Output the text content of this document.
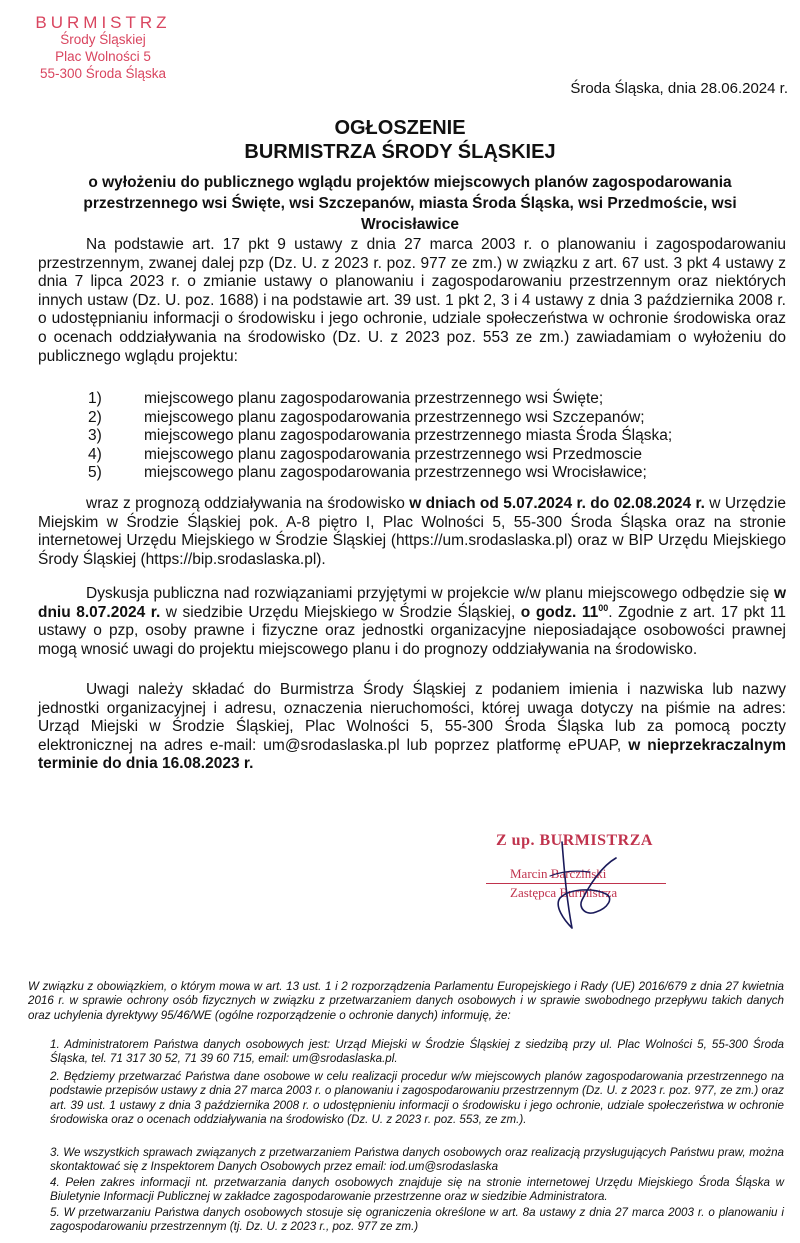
BURMISTRZ
Środy Śląskiej
Plac Wolności 5
55-300 Środa Śląska
Środa Śląska, dnia 28.06.2024 r.
OGŁOSZENIE
BURMISTRZA ŚRODY ŚLĄSKIEJ
o wyłożeniu do publicznego wglądu projektów miejscowych planów zagospodarowania przestrzennego wsi Święte, wsi Szczepanów, miasta Środa Śląska, wsi Przedmoście, wsi Wrocisławice
Na podstawie art. 17 pkt 9 ustawy z dnia 27 marca 2003 r. o planowaniu i zagospodarowaniu przestrzennym, zwanej dalej pzp (Dz. U. z 2023 r. poz. 977 ze zm.) w związku z art. 67 ust. 3 pkt 4 ustawy z dnia 7 lipca 2023 r. o zmianie ustawy o planowaniu i zagospodarowaniu przestrzennym oraz niektórych innych ustaw (Dz. U. poz. 1688) i na podstawie art. 39 ust. 1 pkt 2, 3 i 4 ustawy z dnia 3 października 2008 r. o udostępnianiu informacji o środowisku i jego ochronie, udziale społeczeństwa w ochronie środowiska oraz o ocenach oddziaływania na środowisko (Dz. U. z 2023 poz. 553 ze zm.) zawiadamiam o wyłożeniu do publicznego wglądu projektu:
1)	miejscowego planu zagospodarowania przestrzennego wsi Święte;
2)	miejscowego planu zagospodarowania przestrzennego wsi Szczepanów;
3)	miejscowego planu zagospodarowania przestrzennego miasta Środa Śląska;
4)	miejscowego planu zagospodarowania przestrzennego wsi Przedmoscie
5)	miejscowego planu zagospodarowania przestrzennego wsi Wrocisławice;
wraz z prognozą oddziaływania na środowisko w dniach od 5.07.2024 r. do 02.08.2024 r. w Urzędzie Miejskim w Środzie Śląskiej pok. A-8 piętro I, Plac Wolności 5, 55-300 Środa Śląska oraz na stronie internetowej Urzędu Miejskiego w Środzie Śląskiej (https://um.srodaslaska.pl) oraz w BIP Urzędu Miejskiego Środy Śląskiej (https://bip.srodaslaska.pl).
Dyskusja publiczna nad rozwiązaniami przyjętymi w projekcie w/w planu miejscowego odbędzie się w dniu 8.07.2024 r. w siedzibie Urzędu Miejskiego w Środzie Śląskiej, o godz. $11^{00}$. Zgodnie z art. 17 pkt 11 ustawy o pzp, osoby prawne i fizyczne oraz jednostki organizacyjne nieposiadające osobowości prawnej mogą wnosić uwagi do projektu miejscowego planu i do prognozy oddziaływania na środowisko.
Uwagi należy składać do Burmistrza Środy Śląskiej z podaniem imienia i nazwiska lub nazwy jednostki organizacyjnej i adresu, oznaczenia nieruchomości, której uwaga dotyczy na piśmie na adres: Urząd Miejski w Środzie Śląskiej, Plac Wolności 5, 55-300 Środa Śląska lub za pomocą poczty elektronicznej na adres e-mail: um@srodaslaska.pl lub poprzez platformę ePUAP, w nieprzekraczalnym terminie do dnia 16.08.2023 r.
Z up. BURMISTRZA
Marcin Barcziński
Zastępca Burmistrza
W związku z obowiązkiem, o którym mowa w art. 13 ust. 1 i 2 rozporządzenia Parlamentu Europejskiego i Rady (UE) 2016/679 z dnia 27 kwietnia 2016 r. w sprawie ochrony osób fizycznych w związku z przetwarzaniem danych osobowych i w sprawie swobodnego przepływu takich danych oraz uchylenia dyrektywy 95/46/WE (ogólne rozporządzenie o ochronie danych) informuję, że:
1. Administratorem Państwa danych osobowych jest: Urząd Miejski w Środzie Śląskiej z siedzibą przy ul. Plac Wolności 5, 55-300 Środa Śląska, tel. 71 317 30 52, 71 39 60 715, email: um@srodaslaska.pl.
2. Będziemy przetwarzać Państwa dane osobowe w celu realizacji procedur w/w miejscowych planów zagospodarowania przestrzennego na podstawie przepisów ustawy z dnia 27 marca 2003 r. o planowaniu i zagospodarowaniu przestrzennym (Dz. U. z 2023 r. poz. 977, ze zm.) oraz art. 39 ust. 1 ustawy z dnia 3 października 2008 r. o udostępnieniu informacji o środowisku i jego ochronie, udziale społeczeństwa w ochronie środowiska oraz o ocenach oddziaływania na środowisko (Dz. U. z 2023 r. poz. 553, ze zm.).
3. We wszystkich sprawach związanych z przetwarzaniem Państwa danych osobowych oraz realizacją przysługujących Państwu praw, można skontaktować się z Inspektorem Danych Osobowych przez email: iod.um@srodaslaska
4. Pełen zakres informacji nt. przetwarzania danych osobowych znajduje się na stronie internetowej Urzędu Miejskiego Środa Śląska w Biuletynie Informacji Publicznej w zakładce zagospodarowanie przestrzenne oraz w siedzibie Administratora.
5. W przetwarzaniu Państwa danych osobowych stosuje się ograniczenia określone w art. 8a ustawy z dnia 27 marca 2003 r. o planowaniu i zagospodarowaniu przestrzennym (tj. Dz. U. z 2023 r., poz. 977 ze zm.)
